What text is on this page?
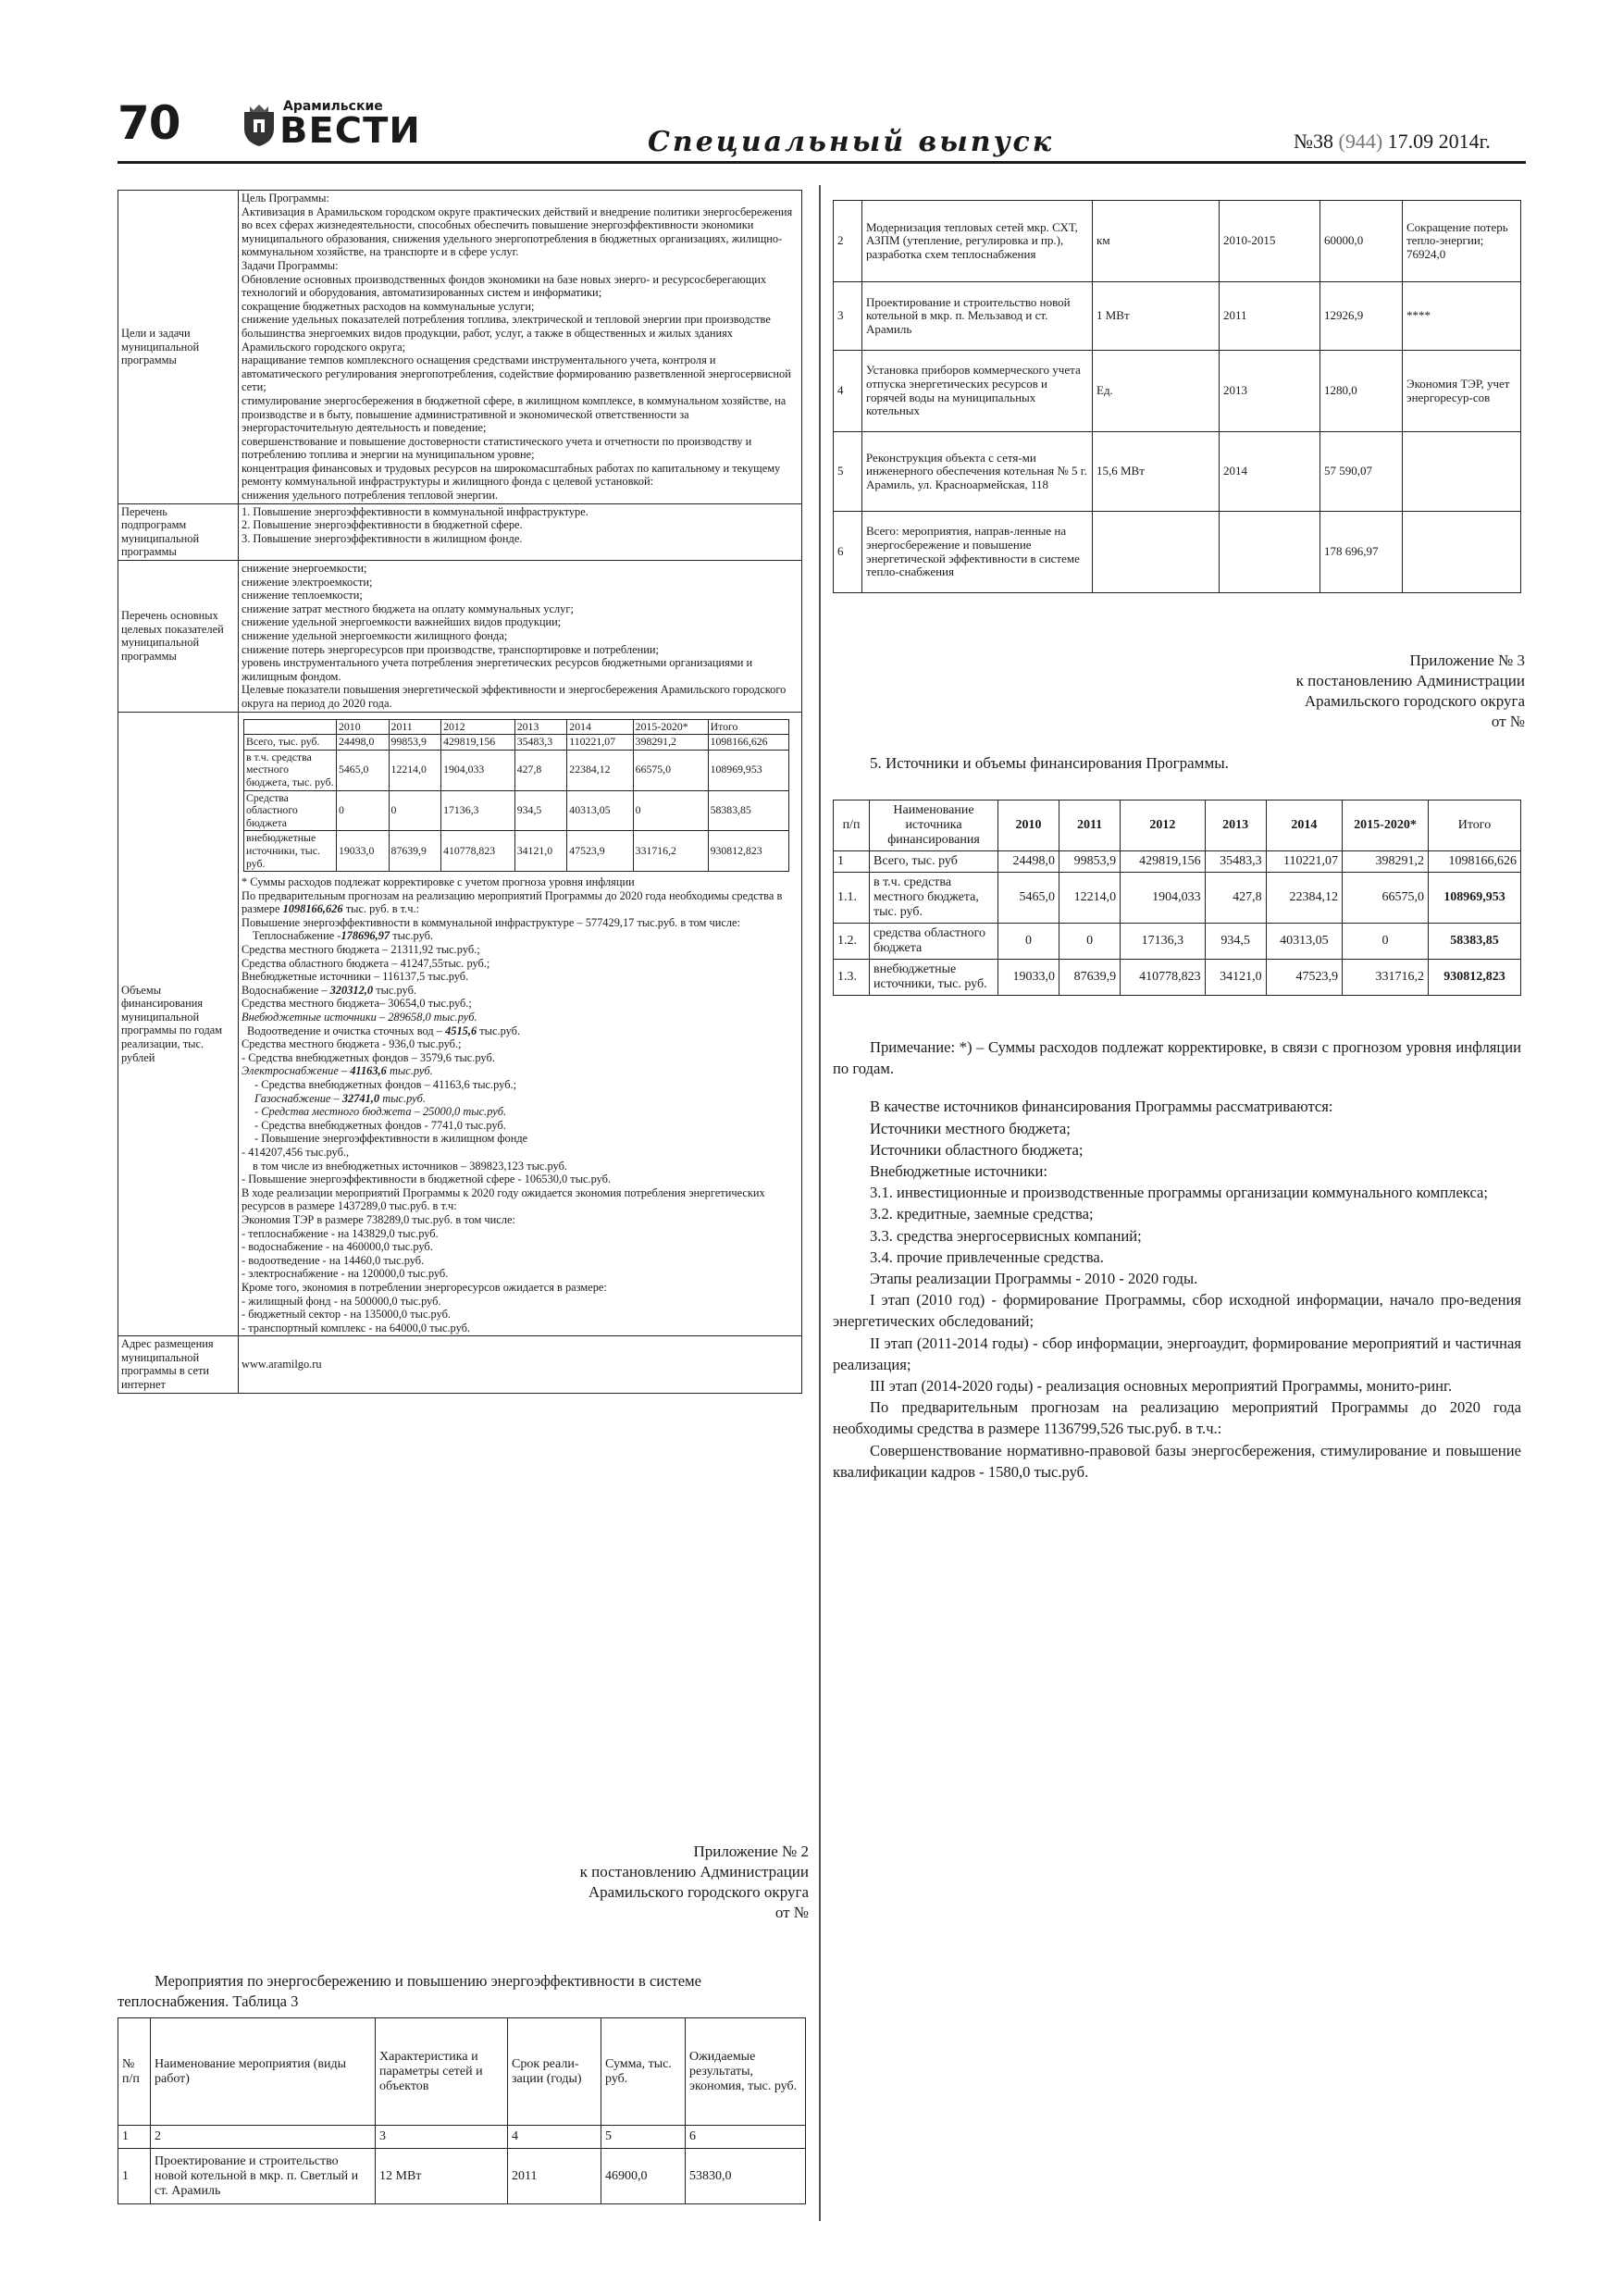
70	Арамильские
ВЕСТИ	Специальный выпуск	№38 (944) 17.09 2014г.
Цели и задачи муниципальной программы	Цель Программы:
Активизация в Арамильском городском округе практических действий и внедрение политики энергосбережения во всех сферах жизнедеятельности, способных обеспечить повышение энергоэффективности экономики муниципального образования, снижения удельного энергопотребления в бюджетных организациях, жилищно-коммунальном хозяйстве, на транспорте и в сфере услуг.
Задачи Программы:
Обновление основных производственных фондов экономики на базе новых энерго- и ресурсосберегающих технологий и оборудования, автоматизированных систем и информатики;
сокращение бюджетных расходов на коммунальные услуги;
снижение удельных показателей потребления топлива, электрической и тепловой энергии при производстве большинства энергоемких видов продукции, работ, услуг, а также в общественных и жилых зданиях Арамильского городского округа;
наращивание темпов комплексного оснащения средствами инструментального учета, контроля и автоматического регулирования энергопотребления, содействие формированию разветвленной энергосервисной сети;
стимулирование энергосбережения в бюджетной сфере, в жилищном комплексе, в коммунальном хозяйстве, на производстве и в быту, повышение административной и экономической ответственности за энергорасточительную деятельность и поведение;
совершенствование и повышение достоверности статистического учета и отчетности по производству и потреблению топлива и энергии на муниципальном уровне;
концентрация финансовых и трудовых ресурсов на широкомасштабных работах по капитальному и текущему ремонту коммунальной инфраструктуры и жилищного фонда с целевой установкой:
снижения удельного потребления тепловой энергии.
Перечень подпрограмм муниципальной программы	1. Повышение энергоэффективности в коммунальной инфраструктуре.
2. Повышение энергоэффективности в бюджетной сфере.
3. Повышение энергоэффективности в жилищном фонде.
Перечень основных целевых показателей муниципальной программы	снижение энергоемкости;
снижение электроемкости;
снижение теплоемкости;
снижение затрат местного бюджета на оплату коммунальных услуг;
снижение удельной энергоемкости важнейших видов продукции;
снижение удельной энергоемкости жилищного фонда;
снижение потерь энергоресурсов при производстве, транспортировке и потреблении;
уровень инструментального учета потребления энергетических ресурсов бюджетными организациями и жилищным фондом.
Целевые показатели повышения энергетической эффективности и энергосбережения Арамильского городского округа на период до 2020 года.
Объемы финансирования муниципальной программы по годам реализации, тыс. рублей	
	2010	2011	2012	2013	2014	2015-2020*	Итого
Всего, тыс. руб.	24498,0	99853,9	429819,156	35483,3	110221,07	398291,2	1098166,626
в т.ч. средства местного бюджета, тыс. руб.	5465,0	12214,0	1904,033	427,8	22384,12	66575,0	108969,953
Средства областного бюджета	0	0	17136,3	934,5	40313,05	0	58383,85
внебюджетные источники, тыс. руб.	19033,0	87639,9	410778,823	34121,0	47523,9	331716,2	930812,823
* Суммы расходов подлежат корректировке с учетом прогноза уровня инфляции
По предварительным прогнозам на реализацию мероприятий Программы до 2020 года необходимы средства в размере 1098166,626 тыс. руб. в т.ч.:
Повышение энергоэффективности в коммунальной инфраструктуре – 577429,17 тыс.руб. в том числе:
Теплоснабжение -178696,97 тыс.руб.
Средства местного бюджета – 21311,92 тыс.руб.;
Средства областного бюджета – 41247,55тыс. руб.;
Внебюджетные источники – 116137,5 тыс.руб.
Водоснабжение – 320312,0 тыс.руб.
Средства местного бюджета– 30654,0 тыс.руб.;
Внебюджетные источники – 289658,0 тыс.руб.
Водоотведение и очистка сточных вод – 4515,6 тыс.руб.
Средства местного бюджета - 936,0 тыс.руб.;
- Средства внебюджетных фондов – 3579,6 тыс.руб.
Электроснабжение – 41163,6 тыс.руб.
- Средства внебюджетных фондов – 41163,6 тыс.руб.;
Газоснабжение – 32741,0 тыс.руб.
- Средства местного бюджета – 25000,0 тыс.руб.
- Средства внебюджетных фондов - 7741,0 тыс.руб.
- Повышение энергоэффективности в жилищном фонде
- 414207,456 тыс.руб.,
в том числе из внебюджетных источников – 389823,123 тыс.руб.
- Повышение энергоэффективности в бюджетной сфере - 106530,0 тыс.руб.
В ходе реализации мероприятий Программы к 2020 году ожидается экономия потребления энергетических ресурсов в размере 1437289,0 тыс.руб. в т.ч:
Экономия ТЭР в размере 738289,0 тыс.руб. в том числе:
- теплоснабжение - на 143829,0 тыс.руб.
- водоснабжение - на 460000,0 тыс.руб.
- водоотведение - на 14460,0 тыс.руб.
- электроснабжение - на 120000,0 тыс.руб.
Кроме того, экономия в потреблении энергоресурсов ожидается в размере:
- жилищный фонд - на 500000,0 тыс.руб.
- бюджетный сектор - на 135000,0 тыс.руб.
- транспортный комплекс - на 64000,0 тыс.руб.

Адрес размещения муниципальной программы в сети интернет	www.aramilgo.ru
2	Модернизация тепловых сетей мкр. СХТ, АЗПМ (утепление, регулировка и пр.), разработка схем теплоснабжения	км	2010-2015	60000,0	Сокращение потерь тепло-энергии;
76924,0
3	Проектирование и строительство новой котельной в мкр. п. Мельзавод и ст. Арамиль	1 МВт	2011	12926,9	****
4	Установка приборов коммерческого учета отпуска энергетических ресурсов и горячей воды на муниципальных котельных	Ед.	2013	1280,0	Экономия ТЭР, учет энергоресур-сов
5	Реконструкция объекта с сетя-ми инженерного обеспечения котельная № 5 г. Арамиль, ул. Красноармейская, 118	15,6 МВт	2014	57 590,07	
6	Всего: мероприятия, направ-ленные на энергосбережение и повышение энергетической эффективности в системе тепло-снабжения			178 696,97	
Приложение № 3
к постановлению Администрации
Арамильского городского округа
от №
5. Источники и объемы финансирования Программы.
п/п	Наименование источника финансирования	2010	2011	2012	2013	2014	2015-2020*	Итого
1	Всего, тыс. руб	24498,0	99853,9	429819,156	35483,3	110221,07	398291,2	1098166,626
1.1.	в т.ч. средства местного бюджета, тыс. руб.	5465,0	12214,0	1904,033	427,8	22384,12	66575,0	108969,953
1.2.	средства областного бюджета	0	0	17136,3	934,5	40313,05	0	58383,85
1.3.	внебюджетные источники, тыс. руб.	19033,0	87639,9	410778,823	34121,0	47523,9	331716,2	930812,823

Примечание: *) – Суммы расходов подлежат корректировке, в связи с прогнозом уровня инфляции по годам.

В качестве источников финансирования Программы рассматриваются:

Источники местного бюджета;

Источники областного бюджета;

Внебюджетные источники:

3.1. инвестиционные и производственные программы организации коммунального комплекса;

3.2. кредитные, заемные средства;

3.3. средства энергосервисных компаний;

3.4. прочие привлеченные средства.

Этапы реализации Программы - 2010 - 2020 годы.

I этап (2010 год) - формирование Программы, сбор исходной информации, начало про-ведения энергетических обследований;

II этап (2011-2014 годы) - сбор информации, энергоаудит, формирование мероприятий и частичная реализация;

III этап (2014-2020 годы) - реализация основных мероприятий Программы, монито-ринг.

По предварительным прогнозам на реализацию мероприятий Программы до 2020 года необходимы средства в размере 1136799,526 тыс.руб. в т.ч.:

Совершенствование нормативно-правовой базы энергосбережения, стимулирование и повышение квалификации кадров - 1580,0 тыс.руб.

Приложение № 2
к постановлению Администрации
Арамильского городского округа
от №
Мероприятия по энергосбережению и повышению энергоэффективности в системе теплоснабжения. Таблица 3
№ п/п	Наименование мероприятия (виды работ)	Характеристика и параметры сетей и объектов	Срок реали-зации (годы)	Сумма, тыс. руб.	Ожидаемые результаты, экономия, тыс. руб.
1	2	3	4	5	6
1	Проектирование и строительство новой котельной в мкр. п. Светлый и ст. Арамиль	12 МВт	2011	46900,0	53830,0
